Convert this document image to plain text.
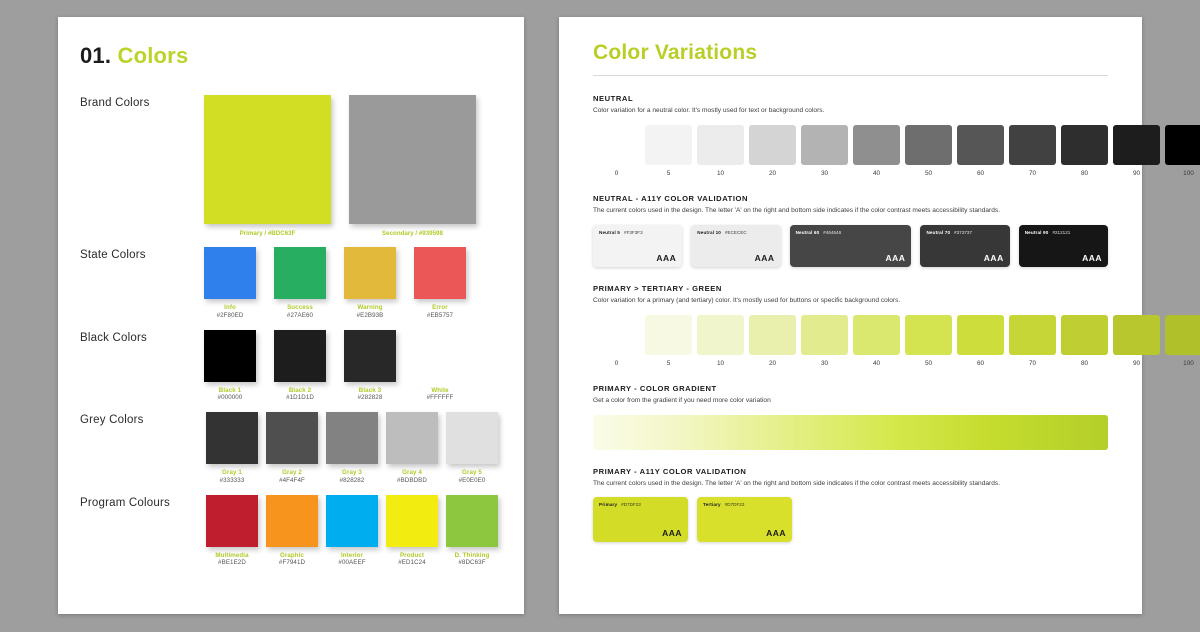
01. Colors
Brand Colors
Primary / #BDC63F	Secondary / #939598
State Colors
Info
#2F80ED
Success
#27AE60
Warning
#E2B93B
Error
#EB5757
Black Colors
Black 1
#000000
Black 2
#1D1D1D
Black 3
#282828
White
#FFFFFF
Grey Colors
Gray 1
#333333
Gray 2
#4F4F4F
Gray 3
#828282
Gray 4
#BDBDBD
Gray 5
#E0E0E0
Program Colours
Multimedia
#BE1E2D
Graphic
#F7941D
Interior
#00AEEF
Product
#ED1C24
D. Thinking
#8DC63F
Color Variations
NEUTRAL
Color variation for a neutral color. It's mostly used for text or background colors.
0	5	10	20	30	40	50	60	70	80	90	100
NEUTRAL - A11Y COLOR VALIDATION
The current colors used in the design. The letter 'A' on the right and bottom side indicates if the color contrast meets accessibility standards.
Neutral 5 #F3F3F3
AAA
Neutral 10 #ECECEC
AAA
Neutral 60 #464646
AAA
Neutral 70 #373737
AAA
Neutral 90 #212121
AAA
PRIMARY > TERTIARY - GREEN
Color variation for a primary (and tertiary) color. It's mostly used for buttons or specific background colors.
0	5	10	20	30	40	50	60	70	80	90	100
PRIMARY - COLOR GRADIENT
Get a color from the gradient if you need more color variation
PRIMARY - A11Y COLOR VALIDATION
The current colors used in the design. The letter 'A' on the right and bottom side indicates if the color contrast meets accessibility standards.
Primary #D7DF23
AAA
Tertiary #D7DF23
AAA
